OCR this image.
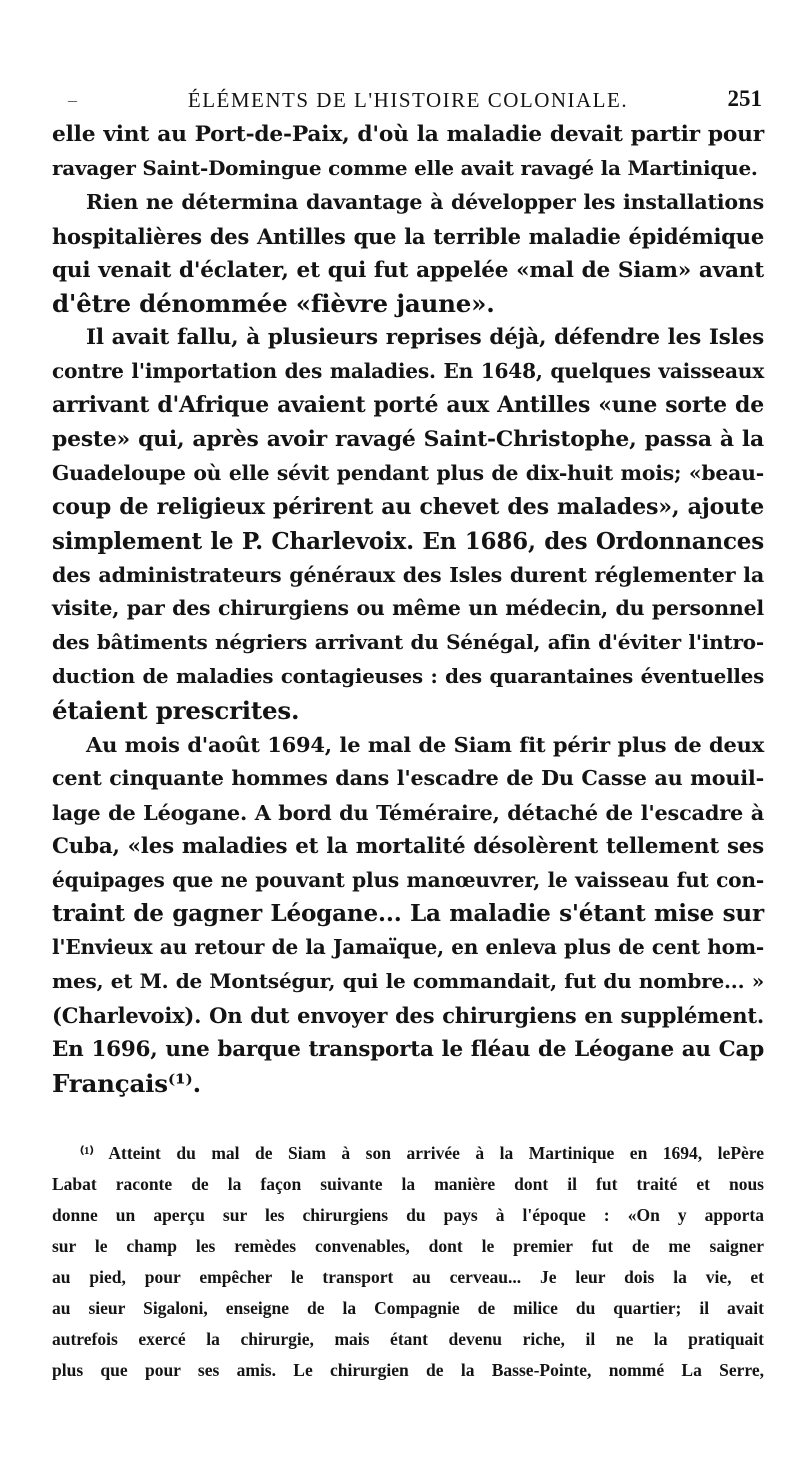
–	ÉLÉMENTS DE L'HISTOIRE COLONIALE.	251
elle vint au Port-de-Paix, d'où la maladie devait partir pour
ravager Saint-Domingue comme elle avait ravagé la Martinique.
Rien ne détermina davantage à développer les installations
hospitalières des Antilles que la terrible maladie épidémique
qui venait d'éclater, et qui fut appelée «mal de Siam» avant
d'être dénommée «fièvre jaune».
Il avait fallu, à plusieurs reprises déjà, défendre les Isles
contre l'importation des maladies. En 1648, quelques vaisseaux
arrivant d'Afrique avaient porté aux Antilles «une sorte de
peste» qui, après avoir ravagé Saint-Christophe, passa à la
Guadeloupe où elle sévit pendant plus de dix-huit mois; «beau-
coup de religieux périrent au chevet des malades», ajoute
simplement le P. Charlevoix. En 1686, des Ordonnances
des administrateurs généraux des Isles durent réglementer la
visite, par des chirurgiens ou même un médecin, du personnel
des bâtiments négriers arrivant du Sénégal, afin d'éviter l'intro-
duction de maladies contagieuses : des quarantaines éventuelles
étaient prescrites.
Au mois d'août 1694, le mal de Siam fit périr plus de deux
cent cinquante hommes dans l'escadre de Du Casse au mouil-
lage de Léogane. A bord du Téméraire, détaché de l'escadre à
Cuba, «les maladies et la mortalité désolèrent tellement ses
équipages que ne pouvant plus manœuvrer, le vaisseau fut con-
traint de gagner Léogane... La maladie s'étant mise sur
l'Envieux au retour de la Jamaïque, en enleva plus de cent hom-
mes, et M. de Montségur, qui le commandait, fut du nombre... »
(Charlevoix). On dut envoyer des chirurgiens en supplément.
En 1696, une barque transporta le fléau de Léogane au Cap
Français⁽¹⁾.
⁽¹⁾ Atteint du mal de Siam à son arrivée à la Martinique en 1694, lePère
Labat raconte de la façon suivante la manière dont il fut traité et nous
donne un aperçu sur les chirurgiens du pays à l'époque : «On y apporta
sur le champ les remèdes convenables, dont le premier fut de me saigner
au pied, pour empêcher le transport au cerveau... Je leur dois la vie, et
au sieur Sigaloni, enseigne de la Compagnie de milice du quartier; il avait
autrefois exercé la chirurgie, mais étant devenu riche, il ne la pratiquait
plus que pour ses amis. Le chirurgien de la Basse-Pointe, nommé La Serre,
